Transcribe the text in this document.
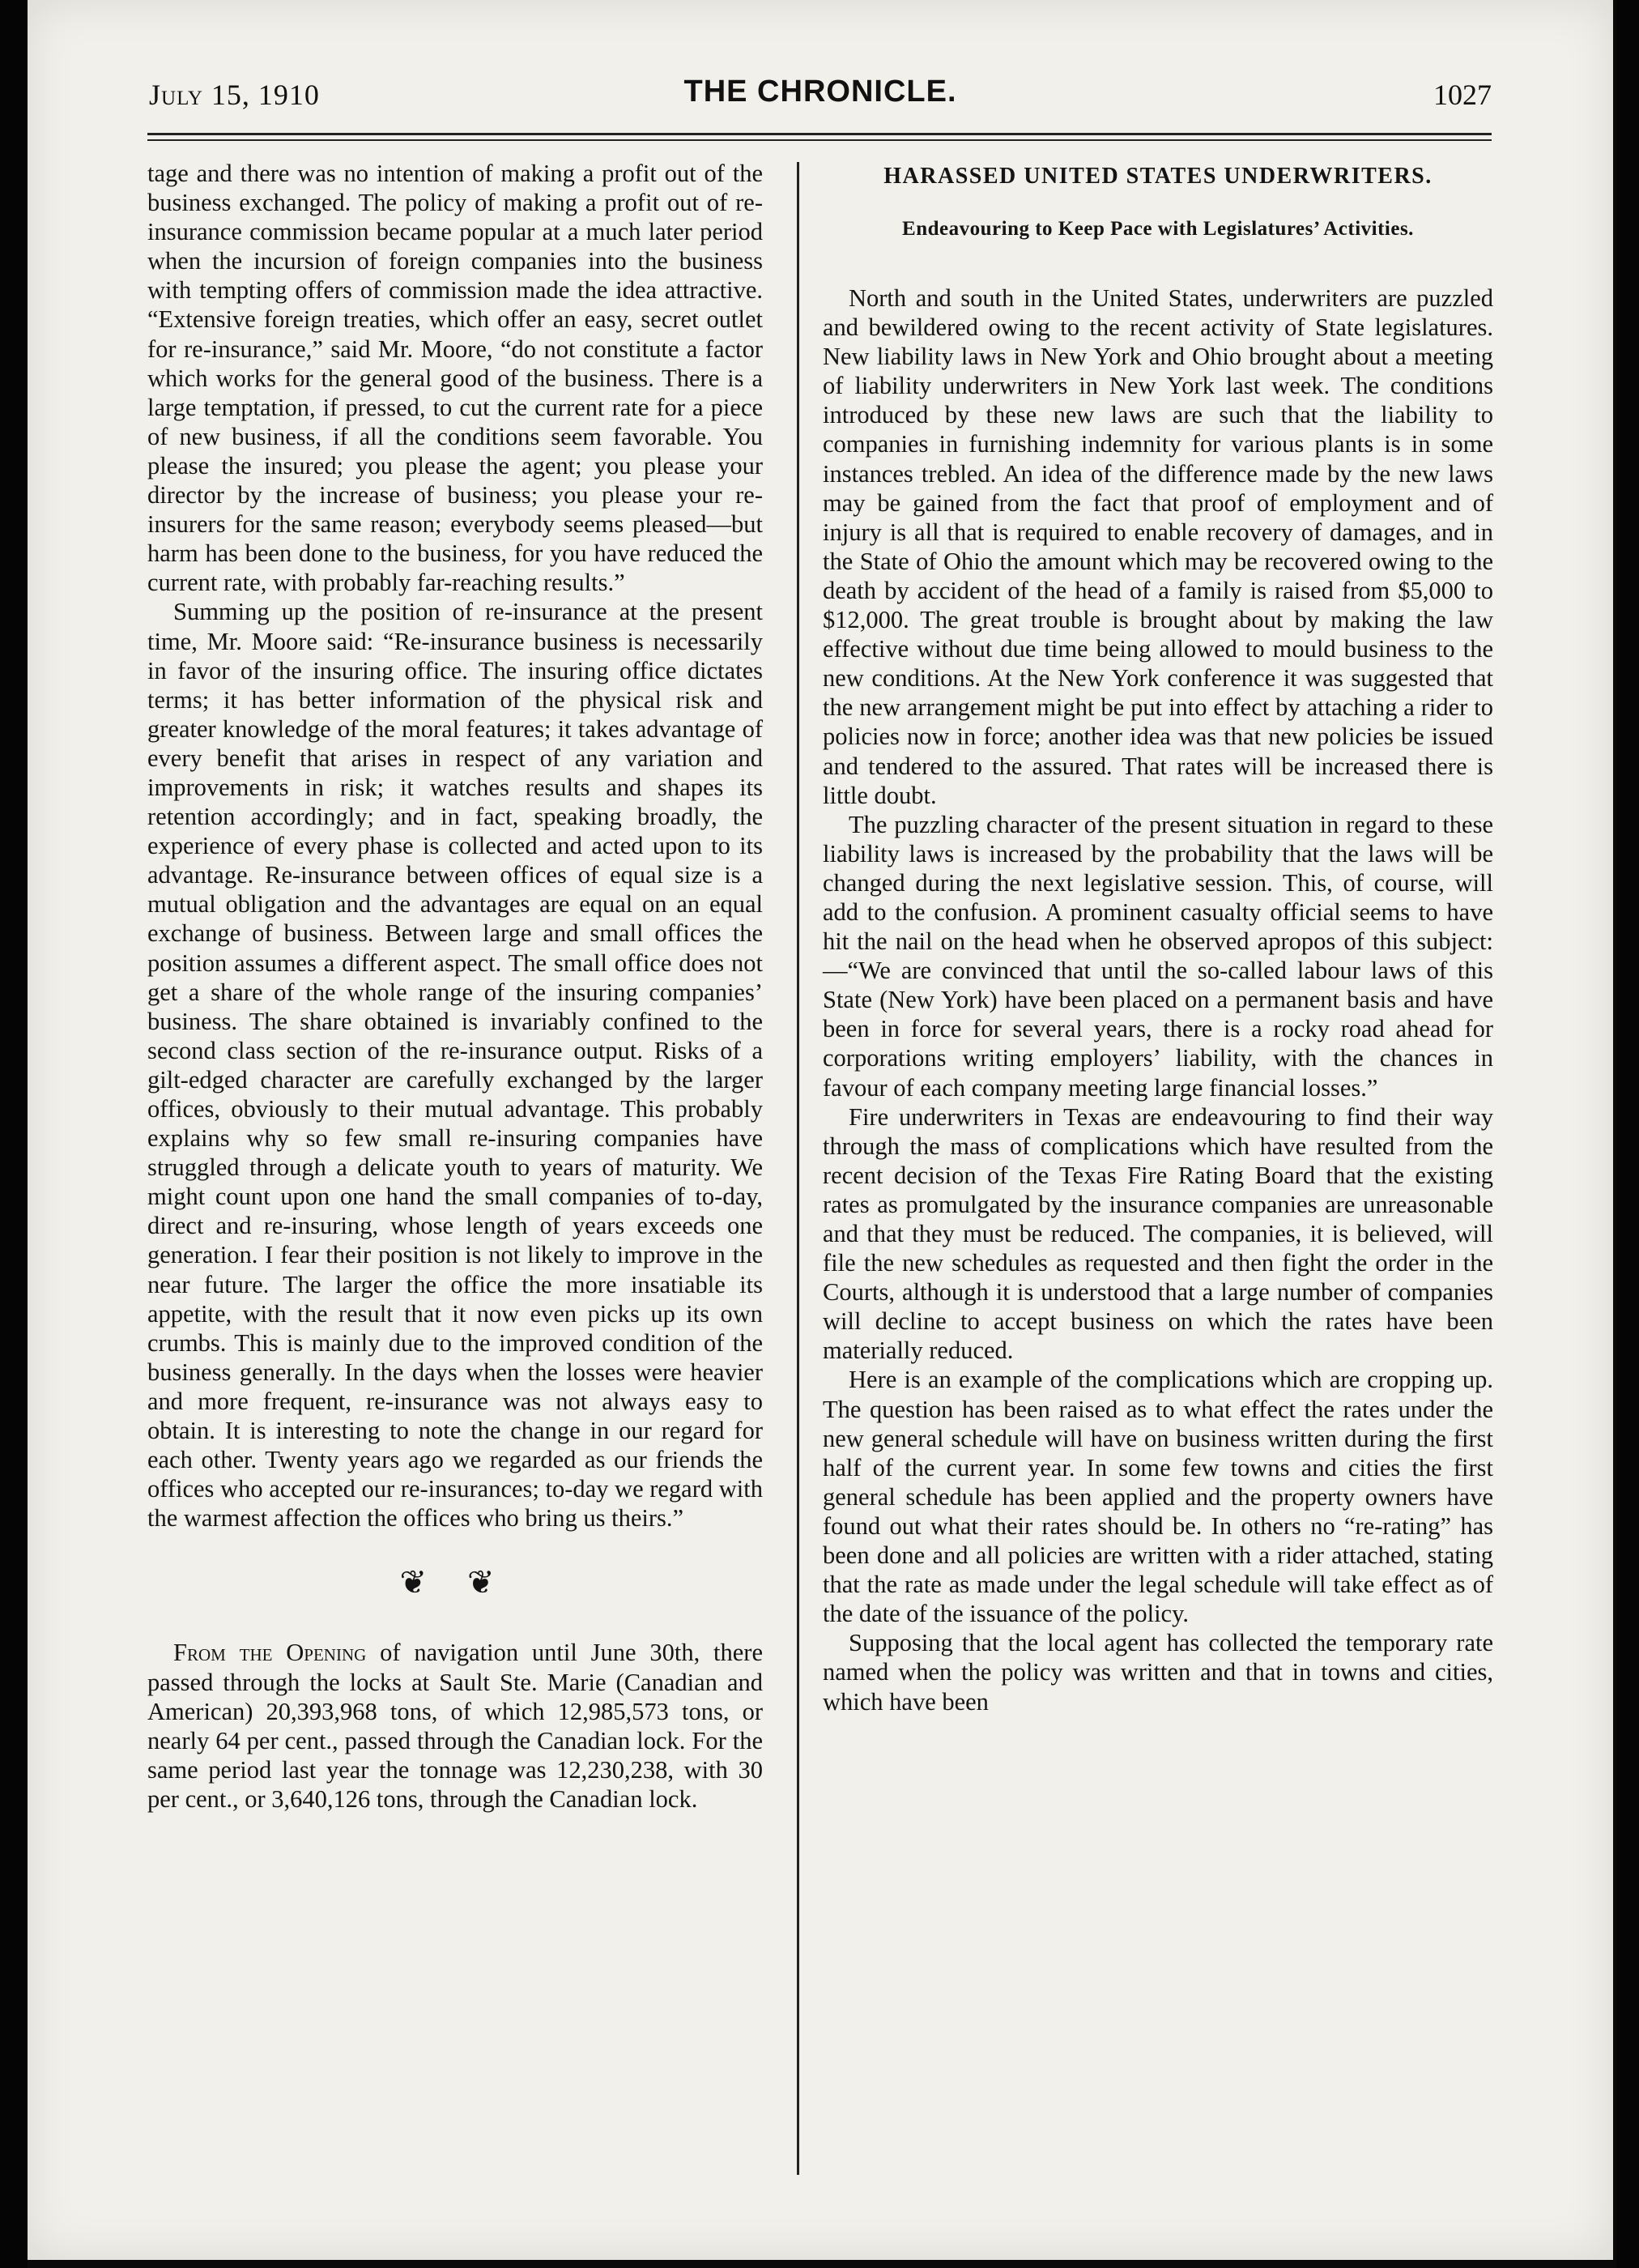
July 15, 1910	THE CHRONICLE.	1027

tage and there was no intention of making a profit out of the business exchanged. The policy of making a profit out of re-insurance commission became popular at a much later period when the incursion of foreign companies into the business with tempting offers of commission made the idea attractive. “Extensive foreign treaties, which offer an easy, secret outlet for re-insurance,” said Mr. Moore, “do not constitute a factor which works for the general good of the business. There is a large temptation, if pressed, to cut the current rate for a piece of new business, if all the conditions seem favorable. You please the insured; you please the agent; you please your director by the increase of business; you please your re-insurers for the same reason; everybody seems pleased—but harm has been done to the business, for you have reduced the current rate, with probably far-reaching results.”

Summing up the position of re-insurance at the present time, Mr. Moore said: “Re-insurance business is necessarily in favor of the insuring office. The insuring office dictates terms; it has better information of the physical risk and greater knowledge of the moral features; it takes advantage of every benefit that arises in respect of any variation and improvements in risk; it watches results and shapes its retention accordingly; and in fact, speaking broadly, the experience of every phase is collected and acted upon to its advantage. Re-insurance between offices of equal size is a mutual obligation and the advantages are equal on an equal exchange of business. Between large and small offices the position assumes a different aspect. The small office does not get a share of the whole range of the insuring companies’ business. The share obtained is invariably confined to the second class section of the re-insurance output. Risks of a gilt-edged character are carefully exchanged by the larger offices, obviously to their mutual advantage. This probably explains why so few small re-insuring companies have struggled through a delicate youth to years of maturity. We might count upon one hand the small companies of to-day, direct and re-insuring, whose length of years exceeds one generation. I fear their position is not likely to improve in the near future. The larger the office the more insatiable its appetite, with the result that it now even picks up its own crumbs. This is mainly due to the improved condition of the business generally. In the days when the losses were heavier and more frequent, re-insurance was not always easy to obtain. It is interesting to note the change in our regard for each other. Twenty years ago we regarded as our friends the offices who accepted our re-insurances; to-day we regard with the warmest affection the offices who bring us theirs.”

❦ ❦

From the Opening of navigation until June 30th, there passed through the locks at Sault Ste. Marie (Canadian and American) 20,393,968 tons, of which 12,985,573 tons, or nearly 64 per cent., passed through the Canadian lock. For the same period last year the tonnage was 12,230,238, with 30 per cent., or 3,640,126 tons, through the Canadian lock.

HARASSED UNITED STATES UNDERWRITERS.
Endeavouring to Keep Pace with Legislatures’ Activities.

North and south in the United States, underwriters are puzzled and bewildered owing to the recent activity of State legislatures. New liability laws in New York and Ohio brought about a meeting of liability underwriters in New York last week. The conditions introduced by these new laws are such that the liability to companies in furnishing indemnity for various plants is in some instances trebled. An idea of the difference made by the new laws may be gained from the fact that proof of employment and of injury is all that is required to enable recovery of damages, and in the State of Ohio the amount which may be recovered owing to the death by accident of the head of a family is raised from $5,000 to $12,000. The great trouble is brought about by making the law effective without due time being allowed to mould business to the new conditions. At the New York conference it was suggested that the new arrangement might be put into effect by attaching a rider to policies now in force; another idea was that new policies be issued and tendered to the assured. That rates will be increased there is little doubt.

The puzzling character of the present situation in regard to these liability laws is increased by the probability that the laws will be changed during the next legislative session. This, of course, will add to the confusion. A prominent casualty official seems to have hit the nail on the head when he observed apropos of this subject:—“We are convinced that until the so-called labour laws of this State (New York) have been placed on a permanent basis and have been in force for several years, there is a rocky road ahead for corporations writing employers’ liability, with the chances in favour of each company meeting large financial losses.”

Fire underwriters in Texas are endeavouring to find their way through the mass of complications which have resulted from the recent decision of the Texas Fire Rating Board that the existing rates as promulgated by the insurance companies are unreasonable and that they must be reduced. The companies, it is believed, will file the new schedules as requested and then fight the order in the Courts, although it is understood that a large number of companies will decline to accept business on which the rates have been materially reduced.

Here is an example of the complications which are cropping up. The question has been raised as to what effect the rates under the new general schedule will have on business written during the first half of the current year. In some few towns and cities the first general schedule has been applied and the property owners have found out what their rates should be. In others no “re-rating” has been done and all policies are written with a rider attached, stating that the rate as made under the legal schedule will take effect as of the date of the issuance of the policy.

Supposing that the local agent has collected the temporary rate named when the policy was written and that in towns and cities, which have been
